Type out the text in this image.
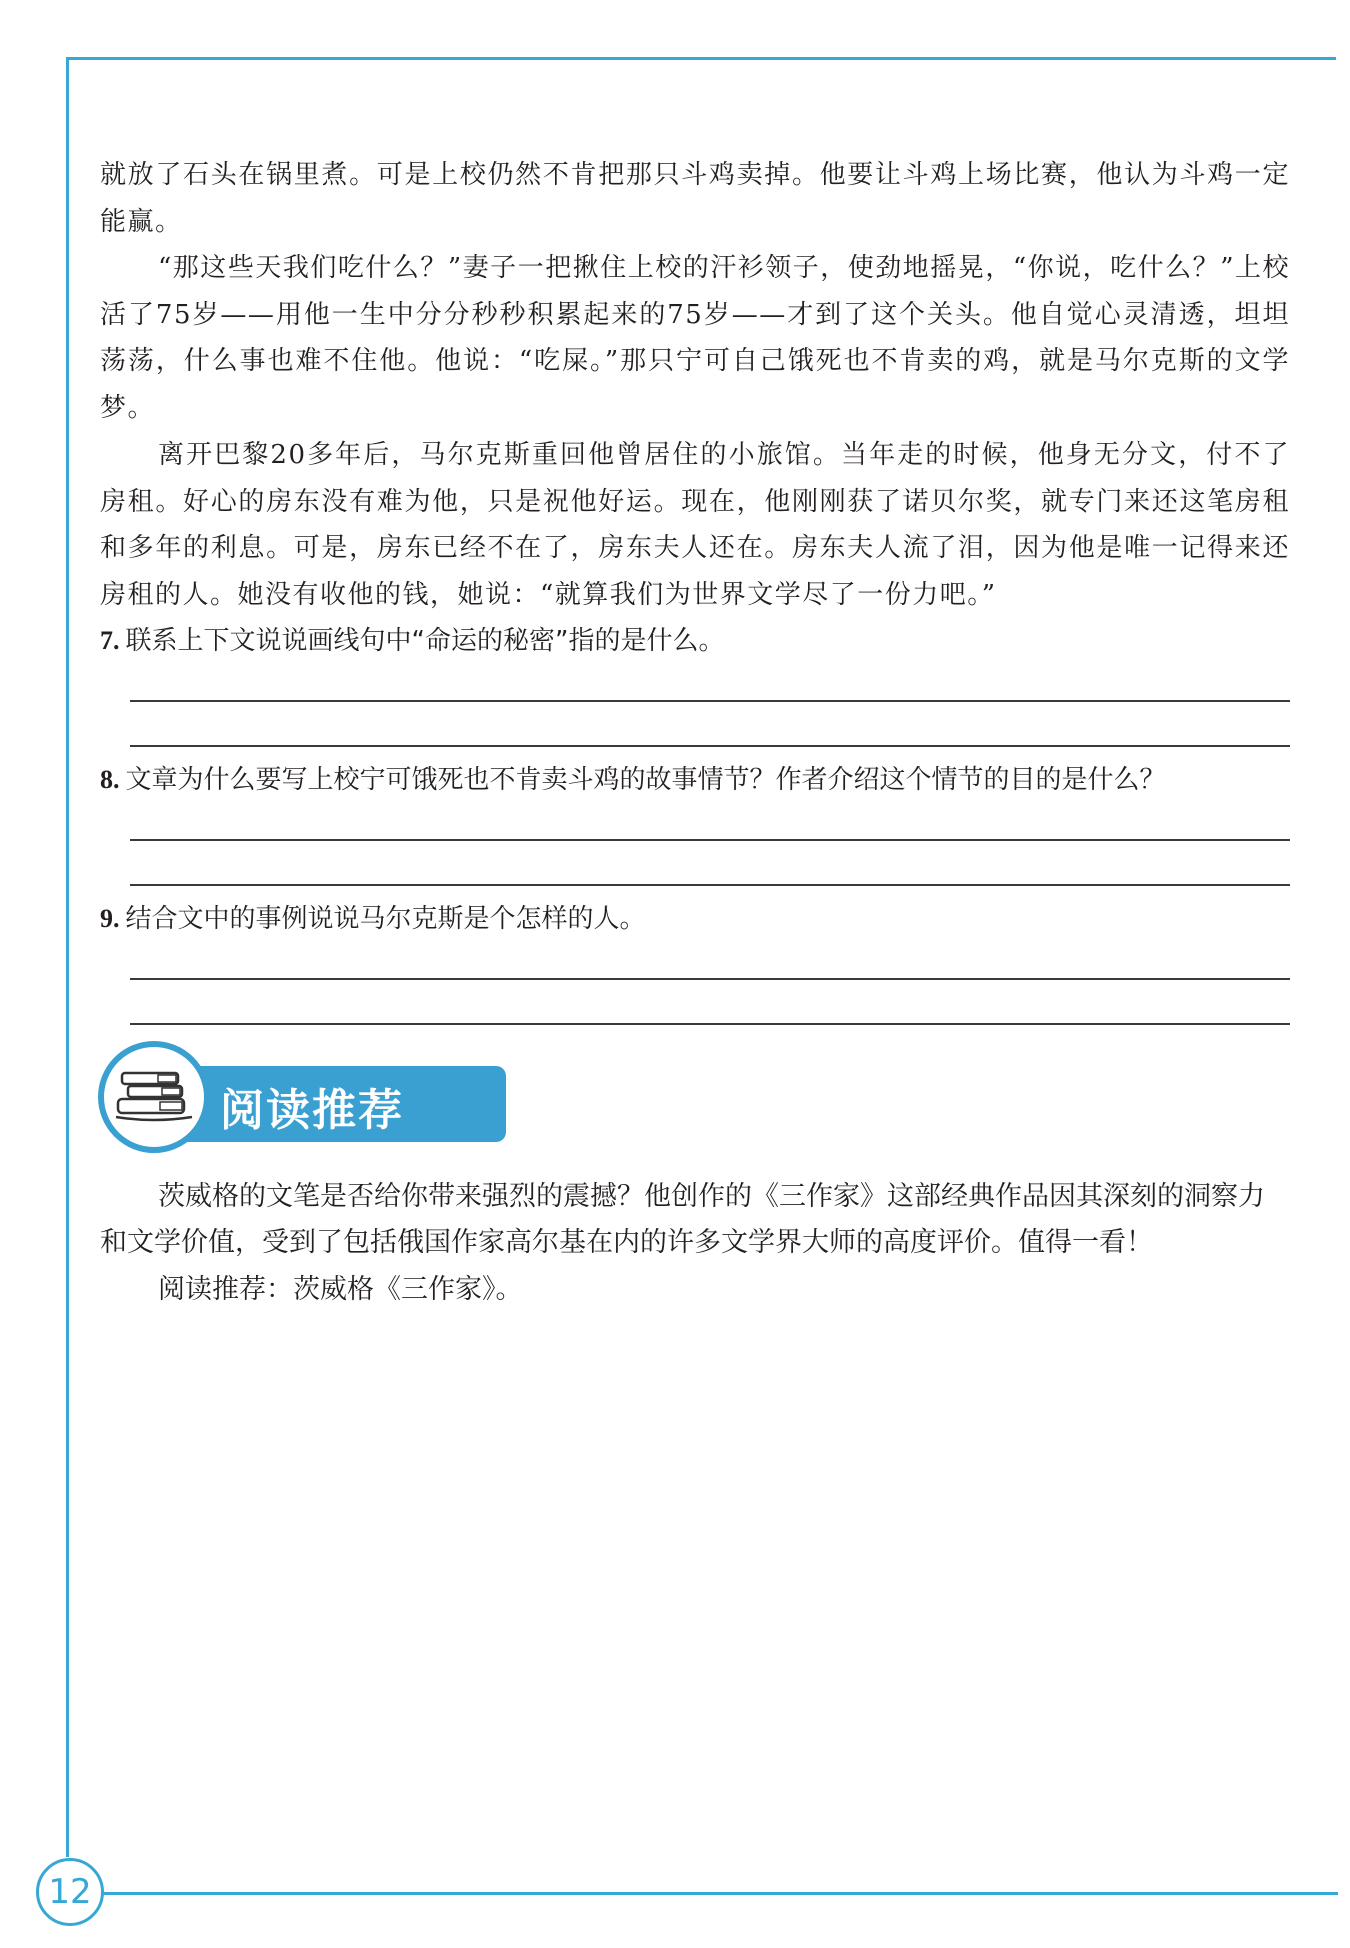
12

就放了石头在锅里煮。可是上校仍然不肯把那只斗鸡卖掉。他要让斗鸡上场比赛，他认为斗鸡一定能赢。

“那这些天我们吃什么？”妻子一把揪住上校的汗衫领子，使劲地摇晃，“你说，吃什么？”上校活了75岁——用他一生中分分秒秒积累起来的75岁——才到了这个关头。他自觉心灵清透，坦坦荡荡，什么事也难不住他。他说：“吃屎。”那只宁可自己饿死也不肯卖的鸡，就是马尔克斯的文学梦。

离开巴黎20多年后，马尔克斯重回他曾居住的小旅馆。当年走的时候，他身无分文，付不了房租。好心的房东没有难为他，只是祝他好运。现在，他刚刚获了诺贝尔奖，就专门来还这笔房租和多年的利息。可是，房东已经不在了，房东夫人还在。房东夫人流了泪，因为他是唯一记得来还房租的人。她没有收他的钱，她说：“就算我们为世界文学尽了一份力吧。”

7. 联系上下文说说画线句中“命运的秘密”指的是什么。

8. 文章为什么要写上校宁可饿死也不肯卖斗鸡的故事情节？作者介绍这个情节的目的是什么？

9. 结合文中的事例说说马尔克斯是个怎样的人。

阅读推荐

茨威格的文笔是否给你带来强烈的震撼？他创作的《三作家》这部经典作品因其深刻的洞察力和文学价值，受到了包括俄国作家高尔基在内的许多文学界大师的高度评价。值得一看！

阅读推荐：茨威格《三作家》。
